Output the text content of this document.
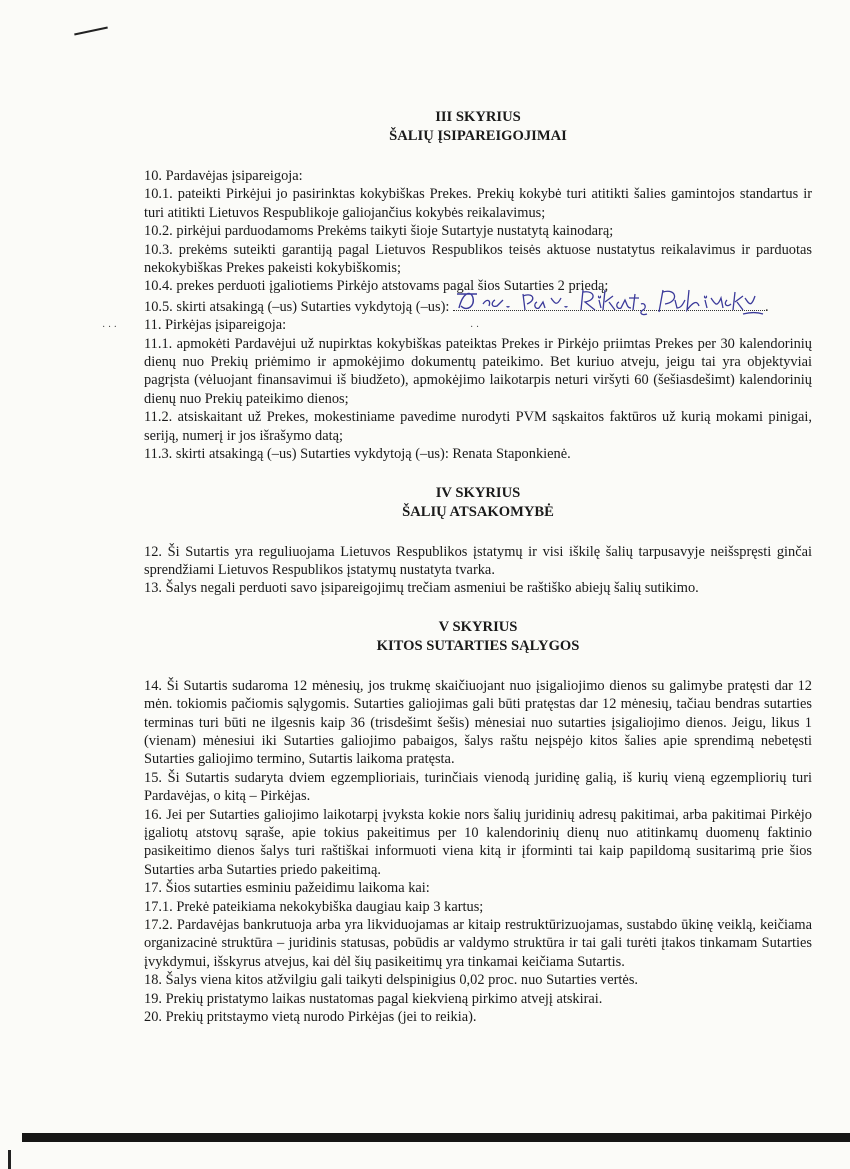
· · ·	· ·

III SKYRIUS

ŠALIŲ ĮSIPAREIGOJIMAI

10. Pardavėjas įsipareigoja:

10.1. pateikti Pirkėjui jo pasirinktas kokybiškas Prekes. Prekių kokybė turi atitikti šalies gamintojos standartus ir turi atitikti Lietuvos Respublikoje galiojančius kokybės reikalavimus;

10.2. pirkėjui parduodamoms Prekėms taikyti šioje Sutartyje nustatytą kainodarą;

10.3. prekėms suteikti garantiją pagal Lietuvos Respublikos teisės aktuose nustatytus reikalavimus ir parduotas nekokybiškas Prekes pakeisti kokybiškomis;

10.4. prekes perduoti įgaliotiems Pirkėjo atstovams pagal šios Sutarties 2 priedą;

10.5. skirti atsakingą (–us) Sutarties vykdytoją (–us):	.

11. Pirkėjas įsipareigoja:

11.1. apmokėti Pardavėjui už nupirktas kokybiškas pateiktas Prekes ir Pirkėjo priimtas Prekes per 30 kalendorinių dienų nuo Prekių priėmimo ir apmokėjimo dokumentų pateikimo. Bet kuriuo atveju, jeigu tai yra objektyviai pagrįsta (vėluojant finansavimui iš biudžeto), apmokėjimo laikotarpis neturi viršyti 60 (šešiasdešimt) kalendorinių dienų nuo Prekių pateikimo dienos;

11.2. atsiskaitant už Prekes, mokestiniame pavedime nurodyti PVM sąskaitos faktūros už kurią mokami pinigai, seriją, numerį ir jos išrašymo datą;

11.3. skirti atsakingą (–us) Sutarties vykdytoją (–us): Renata Staponkienė.

IV SKYRIUS

ŠALIŲ ATSAKOMYBĖ

12. Ši Sutartis yra reguliuojama Lietuvos Respublikos įstatymų ir visi iškilę šalių tarpusavyje neišspręsti ginčai sprendžiami Lietuvos Respublikos įstatymų nustatyta tvarka.

13. Šalys negali perduoti savo įsipareigojimų trečiam asmeniui be raštiško abiejų šalių sutikimo.

V SKYRIUS

KITOS SUTARTIES SĄLYGOS

14. Ši Sutartis sudaroma 12 mėnesių, jos trukmę skaičiuojant nuo įsigaliojimo dienos su galimybe pratęsti dar 12 mėn. tokiomis pačiomis sąlygomis. Sutarties galiojimas gali būti pratęstas dar 12 mėnesių, tačiau bendras sutarties terminas turi būti ne ilgesnis kaip 36 (trisdešimt šešis) mėnesiai nuo sutarties įsigaliojimo dienos. Jeigu, likus 1 (vienam) mėnesiui iki Sutarties galiojimo pabaigos, šalys raštu neįspėjo kitos šalies apie sprendimą nebetęsti Sutarties galiojimo termino, Sutartis laikoma pratęsta.

15. Ši Sutartis sudaryta dviem egzemplioriais, turinčiais vienodą juridinę galią, iš kurių vieną egzempliorių turi Pardavėjas, o kitą – Pirkėjas.

16. Jei per Sutarties galiojimo laikotarpį įvyksta kokie nors šalių juridinių adresų pakitimai, arba pakitimai Pirkėjo įgaliotų atstovų sąraše, apie tokius pakeitimus per 10 kalendorinių dienų nuo atitinkamų duomenų faktinio pasikeitimo dienos šalys turi raštiškai informuoti viena kitą ir įforminti tai kaip papildomą susitarimą prie šios Sutarties arba Sutarties priedo pakeitimą.

17. Šios sutarties esminiu pažeidimu laikoma kai:

17.1. Prekė pateikiama nekokybiška daugiau kaip 3 kartus;

17.2. Pardavėjas bankrutuoja arba yra likviduojamas ar kitaip restruktūrizuojamas, sustabdo ūkinę veiklą, keičiama organizacinė struktūra – juridinis statusas, pobūdis ar valdymo struktūra ir tai gali turėti įtakos tinkamam Sutarties įvykdymui, išskyrus atvejus, kai dėl šių pasikeitimų yra tinkamai keičiama Sutartis.

18. Šalys viena kitos atžvilgiu gali taikyti delspinigius 0,02 proc. nuo Sutarties vertės.

19. Prekių pristatymo laikas nustatomas pagal kiekvieną pirkimo atvejį atskirai.

20. Prekių pritstaymo vietą nurodo Pirkėjas (jei to reikia).
